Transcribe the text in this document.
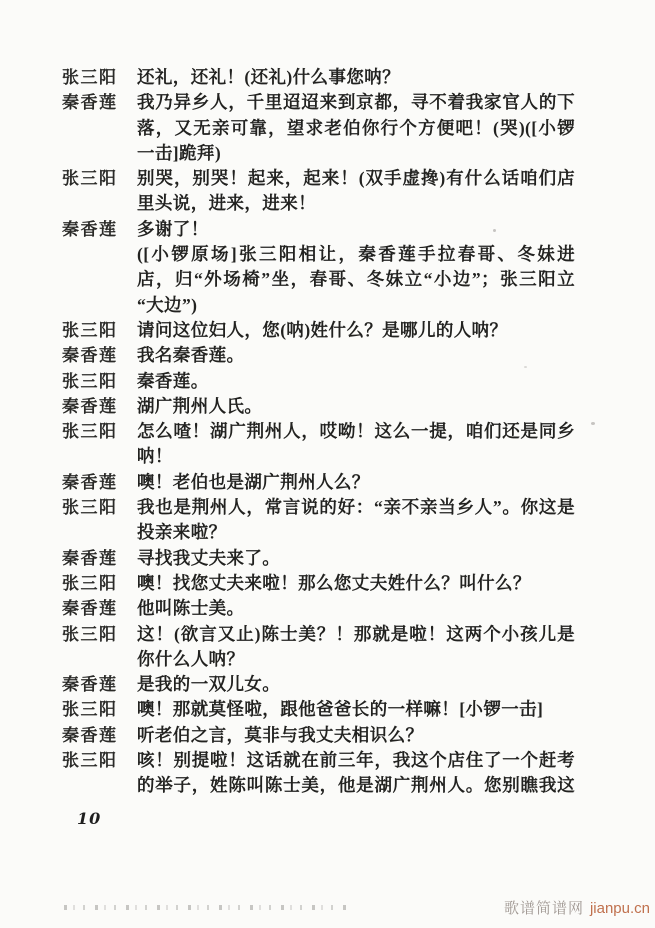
张三阳 还礼，还礼！(还礼)什么事您呐？
秦香莲 我乃异乡人，千里迢迢来到京都，寻不着我家官人的下
落，又无亲可靠，望求老伯你行个方便吧！(哭)([小锣
一击]跪拜)
张三阳 别哭，别哭！起来，起来！(双手虚搀)有什么话咱们店
里头说，进来，进来！
秦香莲 多谢了！
([小锣原场]张三阳相让，秦香莲手拉春哥、冬妹进
店，归“外场椅”坐，春哥、冬妹立“小边”；张三阳立
“大边”)
张三阳 请问这位妇人，您(呐)姓什么？是哪儿的人呐？
秦香莲 我名秦香莲。
张三阳 秦香莲。
秦香莲 湖广荆州人氏。
张三阳 怎么喳！湖广荆州人，哎呦！这么一提，咱们还是同乡
呐！
秦香莲 噢！老伯也是湖广荆州人么？
张三阳 我也是荆州人，常言说的好：“亲不亲当乡人”。你这是
投亲来啦？
秦香莲 寻找我丈夫来了。
张三阳 噢！找您丈夫来啦！那么您丈夫姓什么？叫什么？
秦香莲 他叫陈士美。
张三阳 这！(欲言又止)陈士美？！那就是啦！这两个小孩儿是
你什么人呐？
秦香莲 是我的一双儿女。
张三阳 噢！那就莫怪啦，跟他爸爸长的一样嘛！[小锣一击]
秦香莲 听老伯之言，莫非与我丈夫相识么？
张三阳 咳！别提啦！这话就在前三年，我这个店住了一个赶考
的举子，姓陈叫陈士美，他是湖广荆州人。您别瞧我这
10
歌谱简谱网 jianpu.cn
